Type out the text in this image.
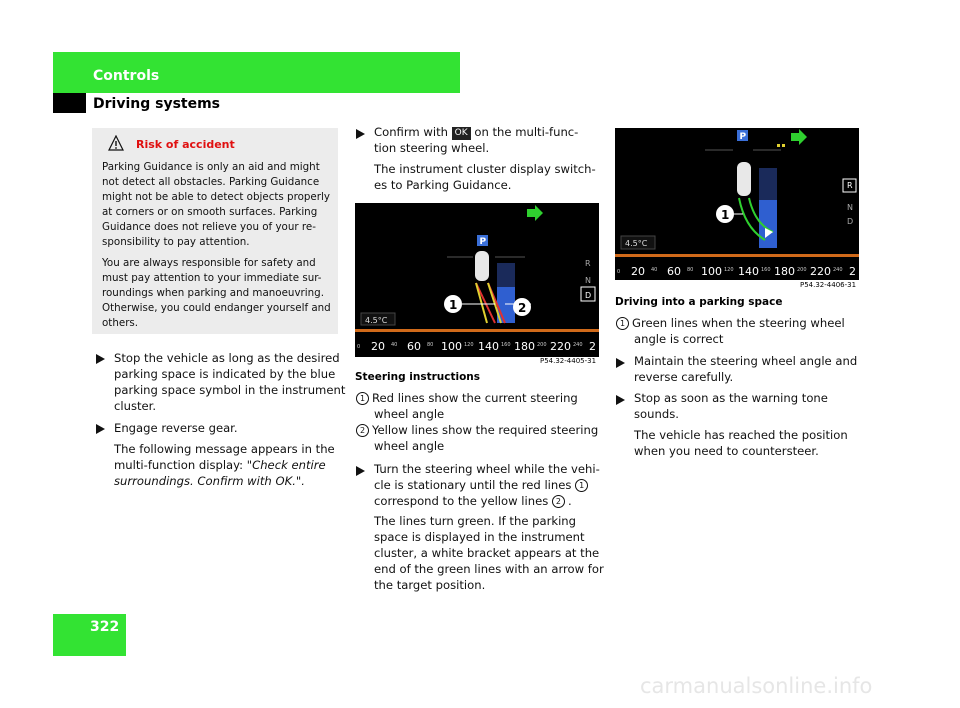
Controls
Driving systems
Risk of accident

Parking Guidance is only an aid and might
not detect all obstacles. Parking Guidance
might not be able to detect objects properly
at corners or on smooth surfaces. Parking
Guidance does not relieve you of your re-
sponsibility to pay attention.

You are always responsible for safety and
must pay attention to your immediate sur-
roundings when parking and manoeuvring.
Otherwise, you could endanger yourself and
others.

Stop the vehicle as long as the desired
parking space is indicated by the blue
parking space symbol in the instrument
cluster.

Engage reverse gear.

The following message appears in the
multi-function display: "Check entire
surroundings. Confirm with OK.".

Confirm with OK on the multi-func-
tion steering wheel.

The instrument cluster display switch-
es to Parking Guidance.

P
1	2
R
N
D
4.5°C
0 20 40 60 80 100 120 140 160 180 200 220 240 2
P54.32-4405-31
Steering instructions

1 Red lines show the current steering
wheel angle

2 Yellow lines show the required steering
wheel angle

Turn the steering wheel while the vehi-
cle is stationary until the red lines 1
correspond to the yellow lines 2 .

The lines turn green. If the parking
space is displayed in the instrument
cluster, a white bracket appears at the
end of the green lines with an arrow for
the target position.

P
1
R
N
D
4.5°C
0 20 40 60 80 100 120 140 160 180 200 220 240 2
P54.32-4406-31
Driving into a parking space

1 Green lines when the steering wheel
angle is correct

Maintain the steering wheel angle and
reverse carefully.

Stop as soon as the warning tone
sounds.

The vehicle has reached the position
when you need to countersteer.

322
carmanualsonline.info
